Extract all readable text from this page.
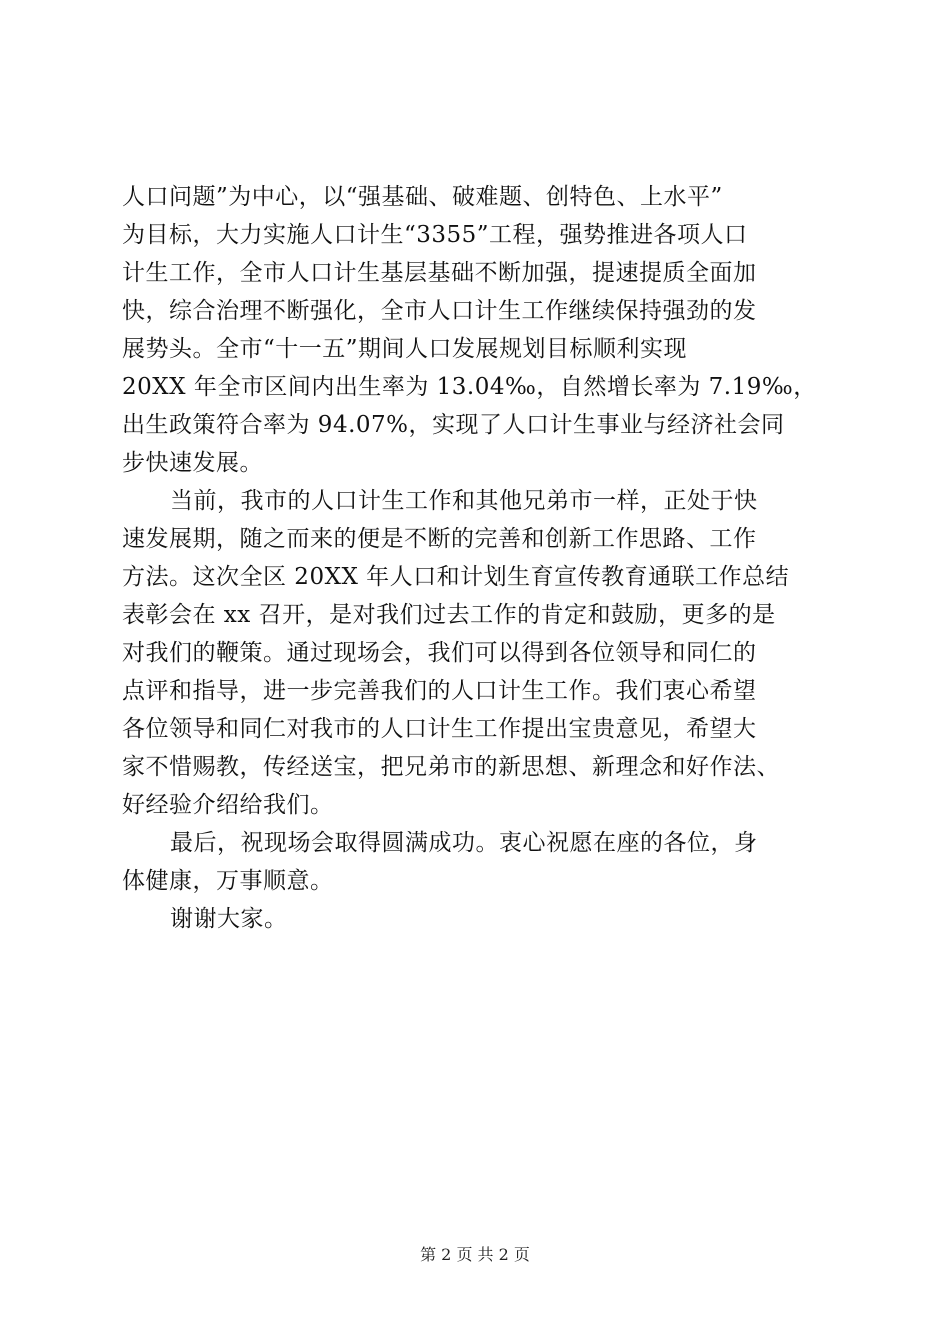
人口问题”为中心，以“强基础、破难题、创特色、上水平”
为目标，大力实施人口计生“3355”工程，强势推进各项人口
计生工作，全市人口计生基层基础不断加强，提速提质全面加
快，综合治理不断强化，全市人口计生工作继续保持强劲的发
展势头。全市“十一五”期间人口发展规划目标顺利实现
20XX 年全市区间内出生率为 13.04‰，自然增长率为 7.19‰，
出生政策符合率为 94.07%，实现了人口计生事业与经济社会同
步快速发展。
当前，我市的人口计生工作和其他兄弟市一样，正处于快
速发展期，随之而来的便是不断的完善和创新工作思路、工作
方法。这次全区 20XX 年人口和计划生育宣传教育通联工作总结
表彰会在 xx 召开，是对我们过去工作的肯定和鼓励，更多的是
对我们的鞭策。通过现场会，我们可以得到各位领导和同仁的
点评和指导，进一步完善我们的人口计生工作。我们衷心希望
各位领导和同仁对我市的人口计生工作提出宝贵意见，希望大
家不惜赐教，传经送宝，把兄弟市的新思想、新理念和好作法、
好经验介绍给我们。
最后，祝现场会取得圆满成功。衷心祝愿在座的各位，身
体健康，万事顺意。
谢谢大家。
第 2 页 共 2 页
